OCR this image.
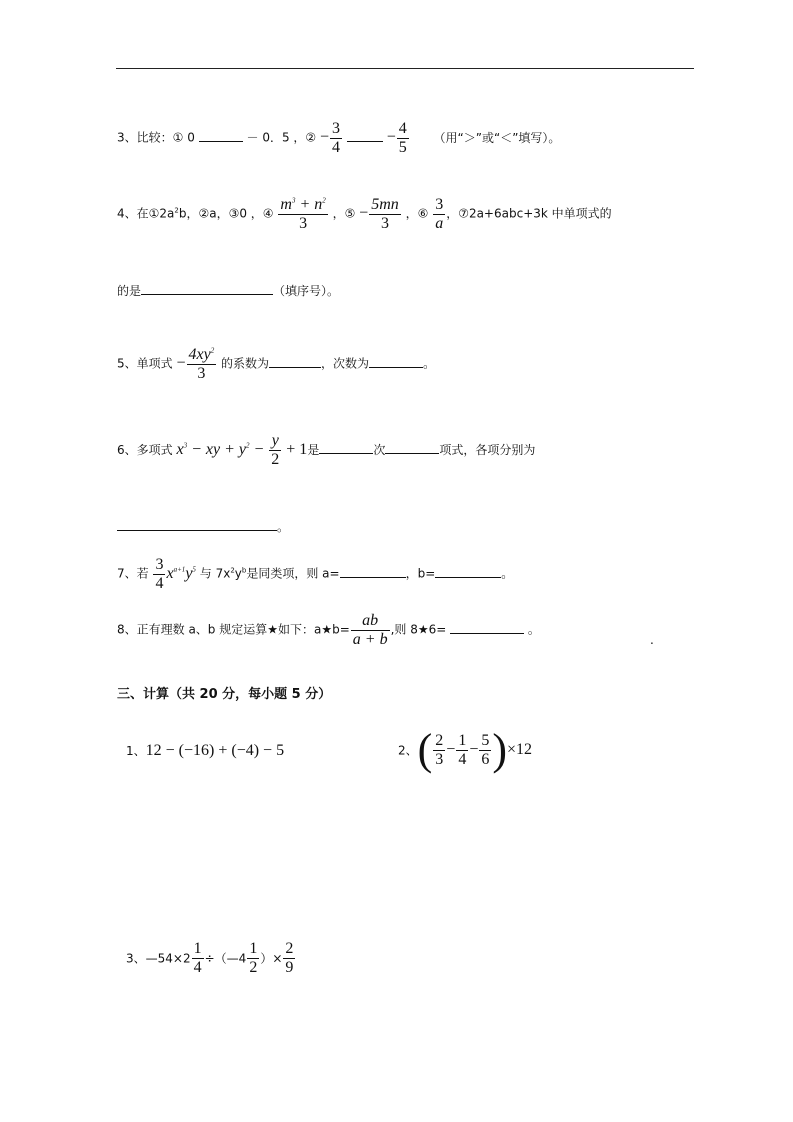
3、比较：① 0	－ 0．5 ，② − $\frac{3}{4}$	− $\frac{4}{5}$ （用“＞”或“＜”填写）。
4、在$①2a^2b$，②a，③0 ，④ $\frac{m^3 + n^2}{3}$ ，⑤ − $\frac{5mn}{3}$ ，⑥ $\frac{3}{a}$ ，⑦2a+6abc+3k 中单项式的
的是	（填序号）。
5、单项式 − $\frac{4xy^2}{3}$ 的系数为	，次数为	。
6、多项式 $x^3$ − xy + $y^2 - \frac{y}{2} + 1$是	次	项式，各项分别为
。
7、若 $\frac{3}{4} x^{a+1}y^5$ 与 $7x^2y^b$是同类项，则 a=	，b=	。
8、正有理数 a、b 规定运算★如下：a★b= $\frac{ab}{a + b}$ ,则 8★6=	。
.
三、计算（共 20 分，每小题 5 分）
1、12 − (−16) + (−4) − 5	2、( $\frac{2}{3} - \frac{1}{4} - \frac{5}{6} )\times 12$
3、—54×2 $\frac{1}{4}$ ÷（—4 $\frac{1}{2}$ ）× $\frac{2}{9}$
